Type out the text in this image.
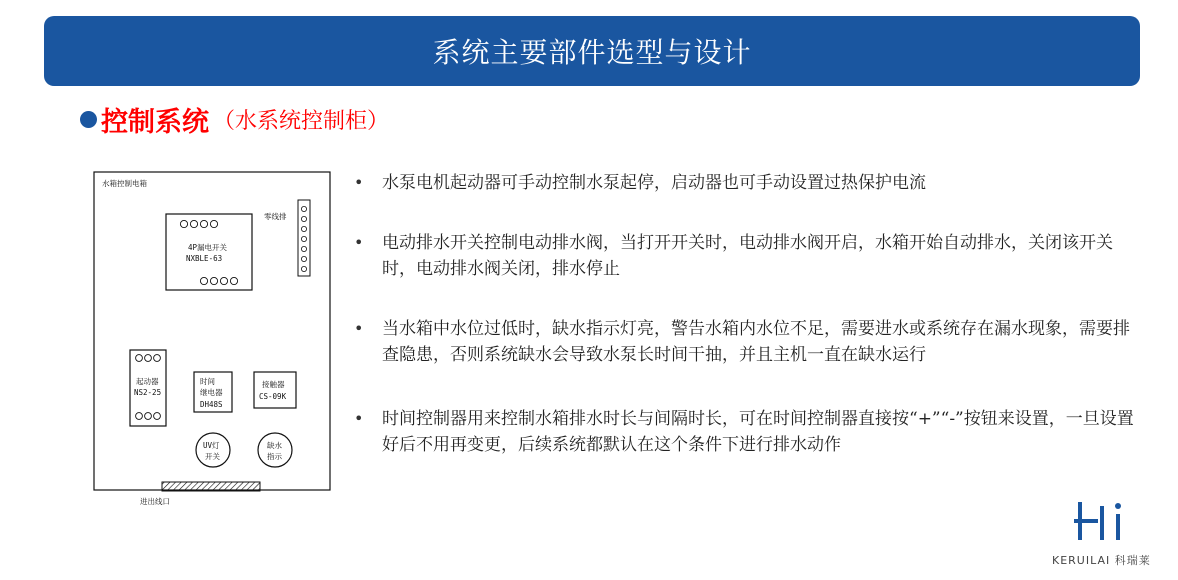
系统主要部件选型与设计
控制系统 （水系统控制柜）
水箱控制电箱
零线排
4P漏电开关
NXBLE-63
起动器
NS2-25
时间
继电器
DH48S
接触器
CS-09K
UV灯
开关
缺水
指示
进出线口
• 水泵电机起动器可手动控制水泵起停，启动器也可手动设置过热保护电流
• 电动排水开关控制电动排水阀，当打开开关时，电动排水阀开启，水箱开始自动排水，关闭该开关时，电动排水阀关闭，排水停止
• 当水箱中水位过低时，缺水指示灯亮，警告水箱内水位不足，需要进水或系统存在漏水现象，需要排查隐患，否则系统缺水会导致水泵长时间干抽，并且主机一直在缺水运行
• 时间控制器用来控制水箱排水时长与间隔时长，可在时间控制器直接按“+”“-”按钮来设置，一旦设置好后不用再变更，后续系统都默认在这个条件下进行排水动作
KERUILAI 科瑞莱
